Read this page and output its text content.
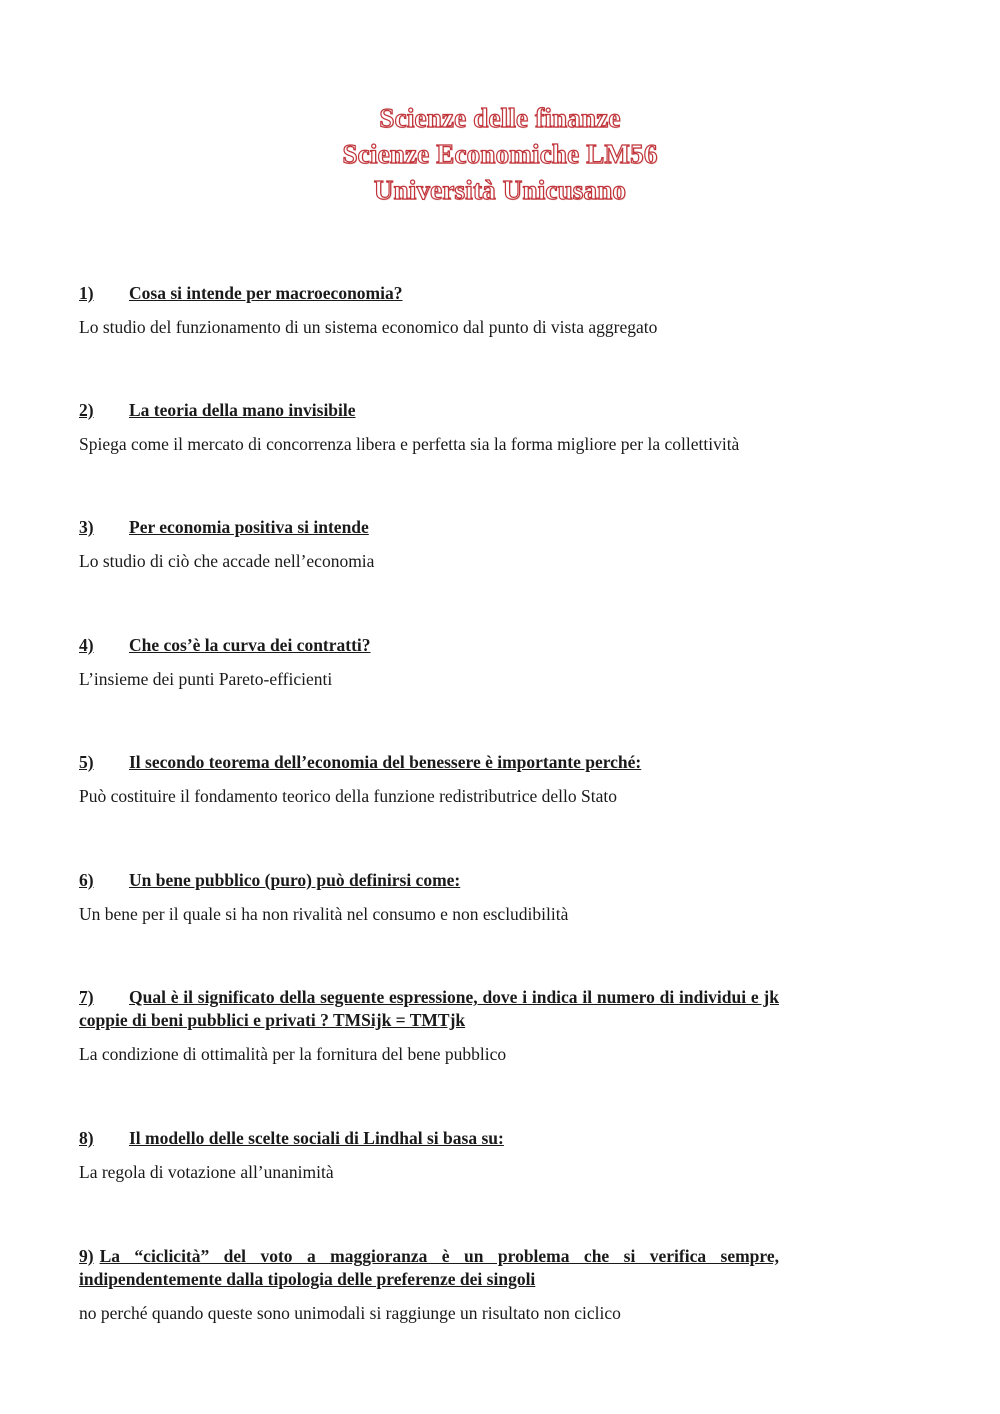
Scienze delle finanze
Scienze Economiche LM56
Università Unicusano
1) Cosa si intende per macroeconomia?
Lo studio del funzionamento di un sistema economico dal punto di vista aggregato
2) La teoria della mano invisibile
Spiega come il mercato di concorrenza libera e perfetta sia la forma migliore per la collettività
3) Per economia positiva si intende
Lo studio di ciò che accade nell’economia
4) Che cos’è la curva dei contratti?
L’insieme dei punti Pareto-efficienti
5) Il secondo teorema dell’economia del benessere è importante perché:
Può costituire il fondamento teorico della funzione redistributrice dello Stato
6) Un bene pubblico (puro) può definirsi come:
Un bene per il quale si ha non rivalità nel consumo e non escludibilità
7) Qual è il significato della seguente espressione, dove i indica il numero di individui e jk coppie di beni pubblici e privati ? TMSijk = TMTjk
La condizione di ottimalità per la fornitura del bene pubblico
8) Il modello delle scelte sociali di Lindhal si basa su:
La regola di votazione all’unanimità
9) La “ciclicità” del voto a maggioranza è un problema che si verifica sempre, indipendentemente dalla tipologia delle preferenze dei singoli
no perché quando queste sono unimodali si raggiunge un risultato non ciclico
